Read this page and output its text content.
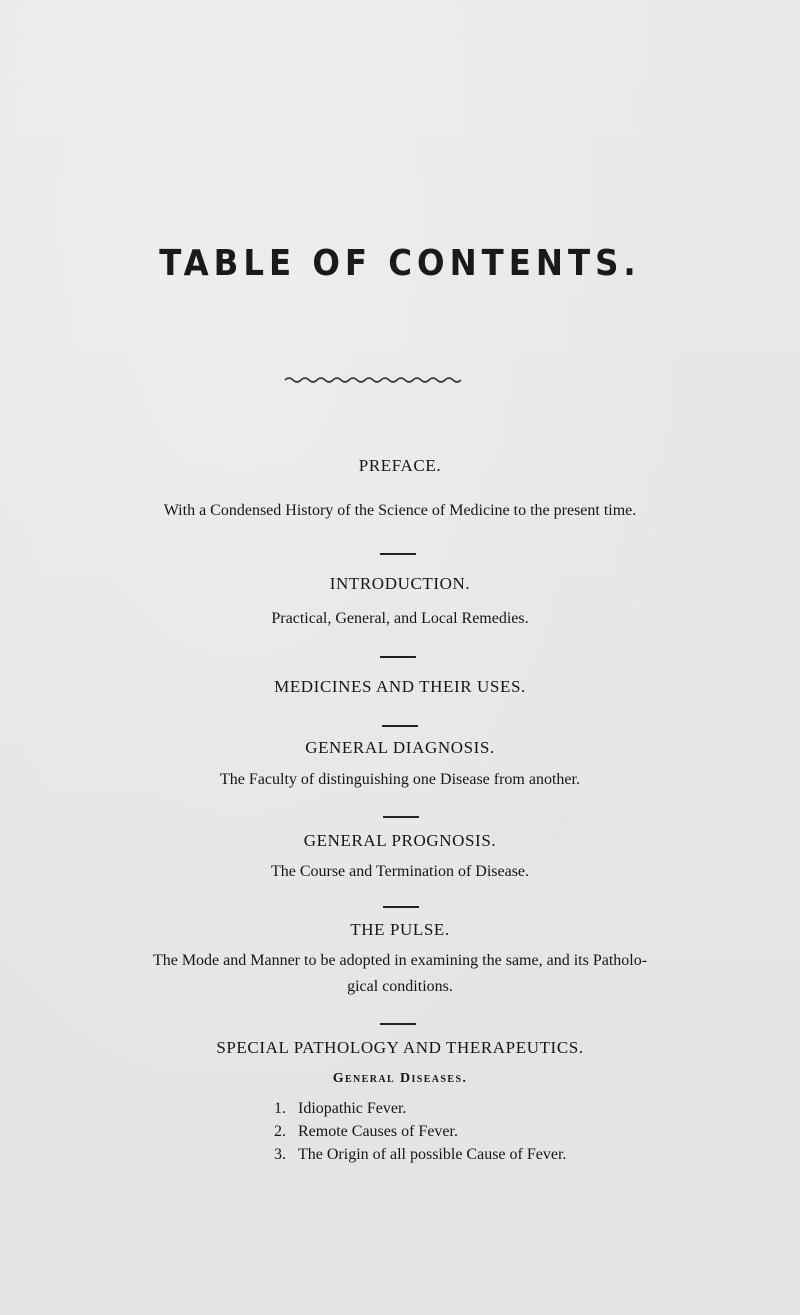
TABLE OF CONTENTS.
PREFACE.
With a Condensed History of the Science of Medicine to the present time.
INTRODUCTION.
Practical, General, and Local Remedies.
MEDICINES AND THEIR USES.
GENERAL DIAGNOSIS.
The Faculty of distinguishing one Disease from another.
GENERAL PROGNOSIS.
The Course and Termination of Disease.
THE PULSE.
The Mode and Manner to be adopted in examining the same, and its Patholo-
gical conditions.
SPECIAL PATHOLOGY AND THERAPEUTICS.
General Diseases.
1. Idiopathic Fever.
2. Remote Causes of Fever.
3. The Origin of all possible Cause of Fever.
